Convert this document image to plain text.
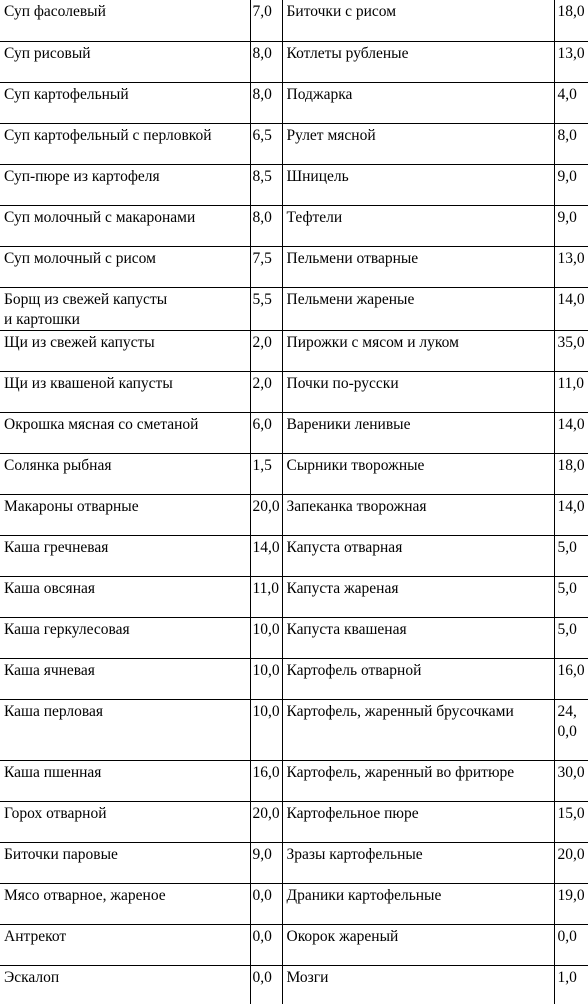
Суп фасолевый	7,0	Биточки с рисом	18,0
Суп рисовый	8,0	Котлеты рубленые	13,0
Суп картофельный	8,0	Поджарка	4,0
Суп картофельный с перловкой	6,5	Рулет мясной	8,0
Суп-пюре из картофеля	8,5	Шницель	9,0
Суп молочный с макаронами	8,0	Тефтели	9,0
Суп молочный с рисом	7,5	Пельмени отварные	13,0
Борщ из свежей капусты
и картошки	5,5	Пельмени жареные	14,0
Щи из свежей капусты	2,0	Пирожки с мясом и луком	35,0
Щи из квашеной капусты	2,0	Почки по-русски	11,0
Окрошка мясная со сметаной	6,0	Вареники ленивые	14,0
Солянка рыбная	1,5	Сырники творожные	18,0
Макароны отварные	20,0	Запеканка творожная	14,0
Каша гречневая	14,0	Капуста отварная	5,0
Каша овсяная	11,0	Капуста жареная	5,0
Каша геркулесовая	10,0	Капуста квашеная	5,0
Каша ячневая	10,0	Картофель отварной	16,0
Каша перловая	10,0	Картофель, жаренный брусочками	24,0,0
Каша пшенная	16,0	Картофель, жаренный во фритюре	30,0
Горох отварной	20,0	Картофельное пюре	15,0
Биточки паровые	9,0	Зразы картофельные	20,0
Мясо отварное, жареное	0,0	Драники картофельные	19,0
Антрекот	0,0	Окорок жареный	0,0
Эскалоп	0,0	Мозги	1,0
